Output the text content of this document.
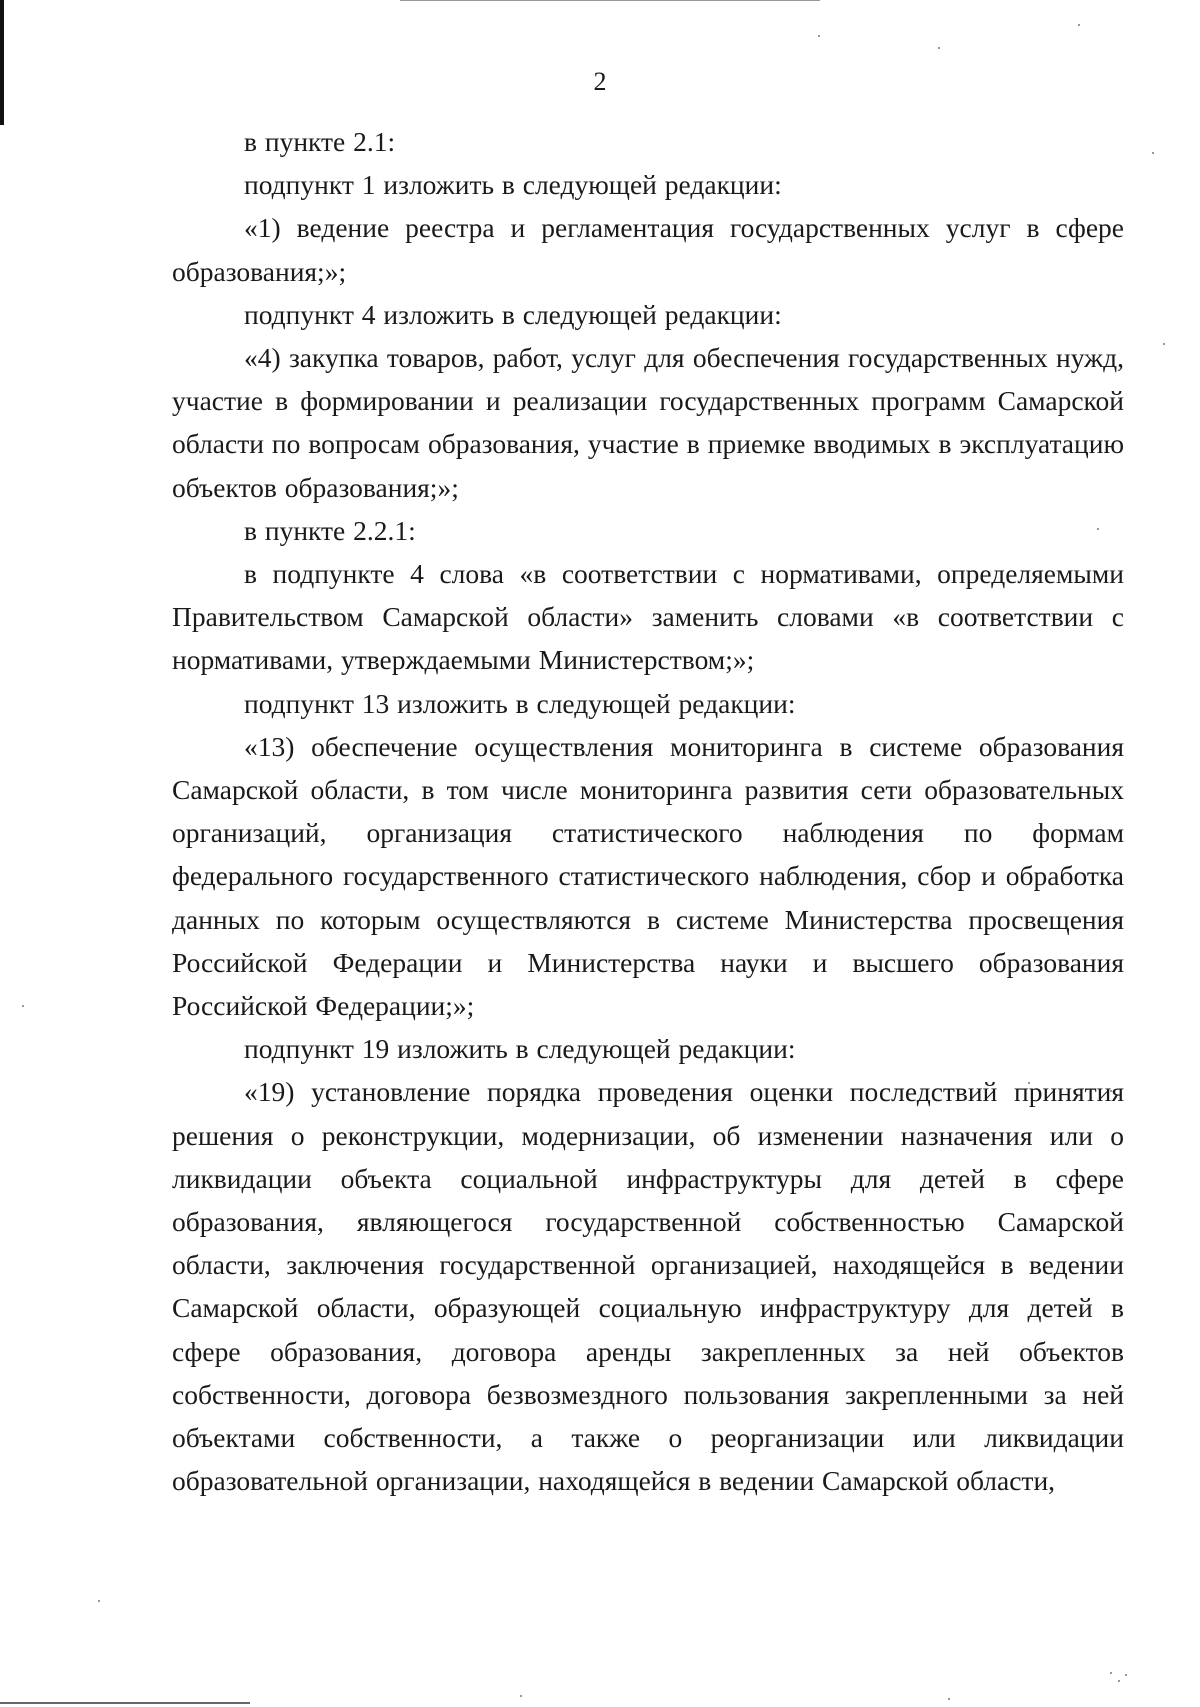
2

в пункте 2.1:

подпункт 1 изложить в следующей редакции:

«1) ведение реестра и регламентация государственных услуг в сфере образования;»;

подпункт 4 изложить в следующей редакции:

«4) закупка товаров, работ, услуг для обеспечения государственных нужд, участие в формировании и реализации государственных программ Самарской области по вопросам образования, участие в приемке вводимых в эксплуатацию объектов образования;»;

в пункте 2.2.1:

в подпункте 4 слова «в соответствии с нормативами, определяемыми Правительством Самарской области» заменить словами «в соответствии с нормативами, утверждаемыми Министерством;»;

подпункт 13 изложить в следующей редакции:

«13) обеспечение осуществления мониторинга в системе образования Самарской области, в том числе мониторинга развития сети образовательных организаций, организация статистического наблюдения по формам федерального государственного статистического наблюдения, сбор и обработка данных по которым осуществляются в системе Министерства просвещения Российской Федерации и Министерства науки и высшего образования Российской Федерации;»;

подпункт 19 изложить в следующей редакции:

«19) установление порядка проведения оценки последствий принятия решения о реконструкции, модернизации, об изменении назначения или о ликвидации объекта социальной инфраструктуры для детей в сфере образования, являющегося государственной собственностью Самарской области, заключения государственной организацией, находящейся в ведении Самарской области, образующей социальную инфраструктуру для детей в сфере образования, договора аренды закрепленных за ней объектов собственности, договора безвозмездного пользования закрепленными за ней объектами собственности, а также о реорганизации или ликвидации образовательной организации, находящейся в ведении Самарской области,
